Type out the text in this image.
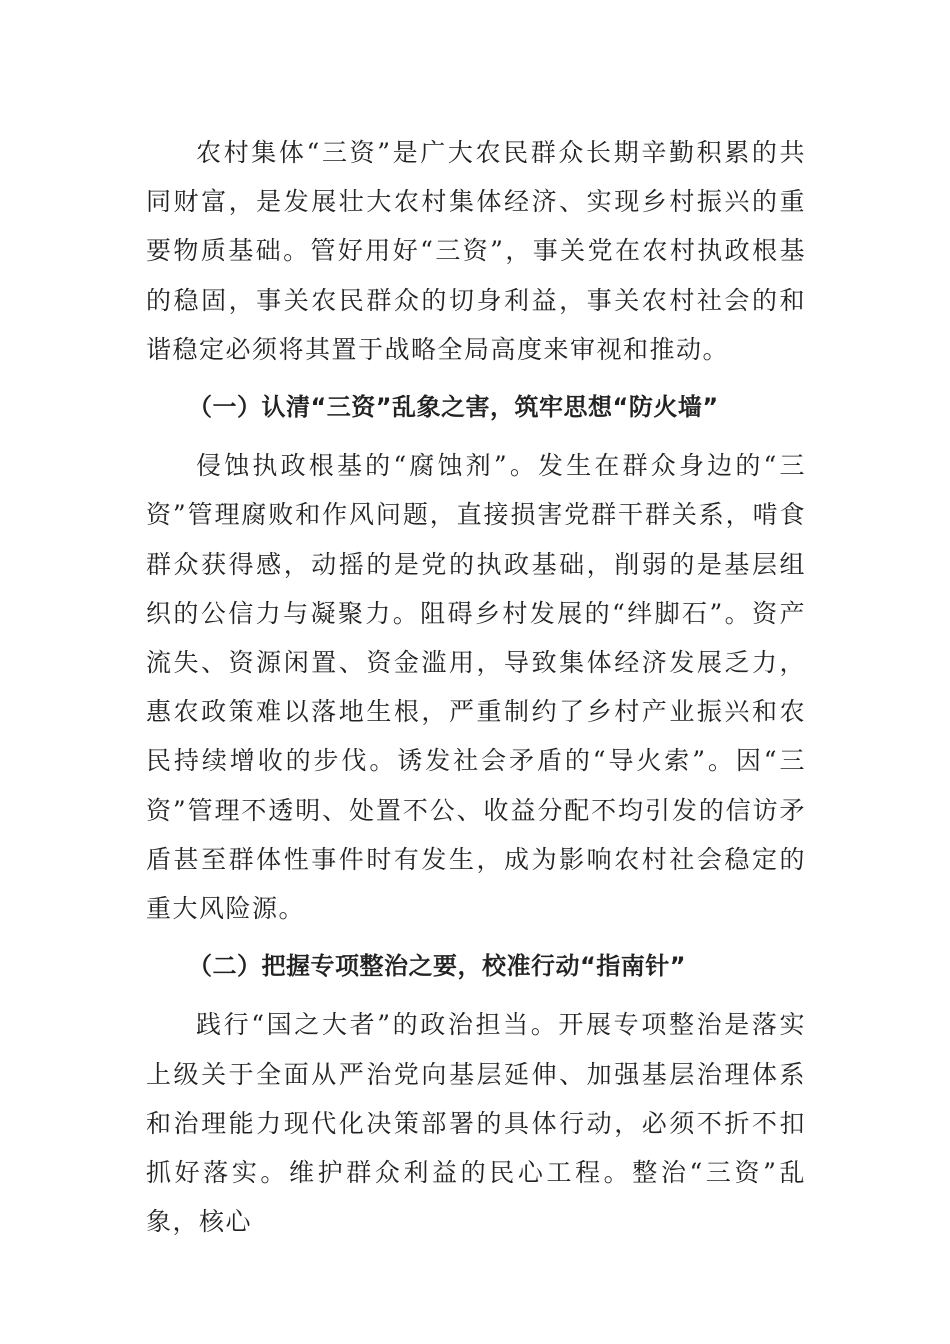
农村集体“三资”是广大农民群众长期辛勤积累的共同财富，是发展壮大农村集体经济、实现乡村振兴的重要物质基础。管好用好“三资”，事关党在农村执政根基的稳固，事关农民群众的切身利益，事关农村社会的和谐稳定必须将其置于战略全局高度来审视和推动。

（一）认清“三资”乱象之害，筑牢思想“防火墙”

侵蚀执政根基的“腐蚀剂”。发生在群众身边的“三资”管理腐败和作风问题，直接损害党群干群关系，啃食群众获得感，动摇的是党的执政基础，削弱的是基层组织的公信力与凝聚力。阻碍乡村发展的“绊脚石”。资产流失、资源闲置、资金滥用，导致集体经济发展乏力，惠农政策难以落地生根，严重制约了乡村产业振兴和农民持续增收的步伐。诱发社会矛盾的“导火索”。因“三资”管理不透明、处置不公、收益分配不均引发的信访矛盾甚至群体性事件时有发生，成为影响农村社会稳定的重大风险源。

（二）把握专项整治之要，校准行动“指南针”

践行“国之大者”的政治担当。开展专项整治是落实上级关于全面从严治党向基层延伸、加强基层治理体系和治理能力现代化决策部署的具体行动，必须不折不扣抓好落实。维护群众利益的民心工程。整治“三资”乱象，核心
